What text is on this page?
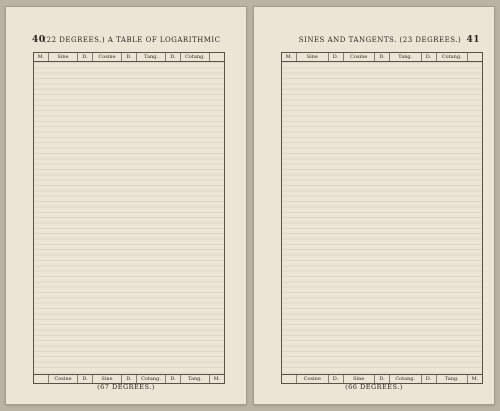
40
(22 DEGREES.) A TABLE OF LOGARITHMIC
M.	Sine	D.	Cosine	D.	Tang.	D.	Cotang.
Cosine	D.	Sine	D.	Cotang.	D.	Tang.	M.
(67 DEGREES.)
SINES AND TANGENTS. (23 DEGREES.) 41
M.	Sine	D.	Cosine	D.	Tang.	D.	Cotang.
Cosine	D.	Sine	D.	Cotang.	D.	Tang.	M.
(66 DEGREES.)
